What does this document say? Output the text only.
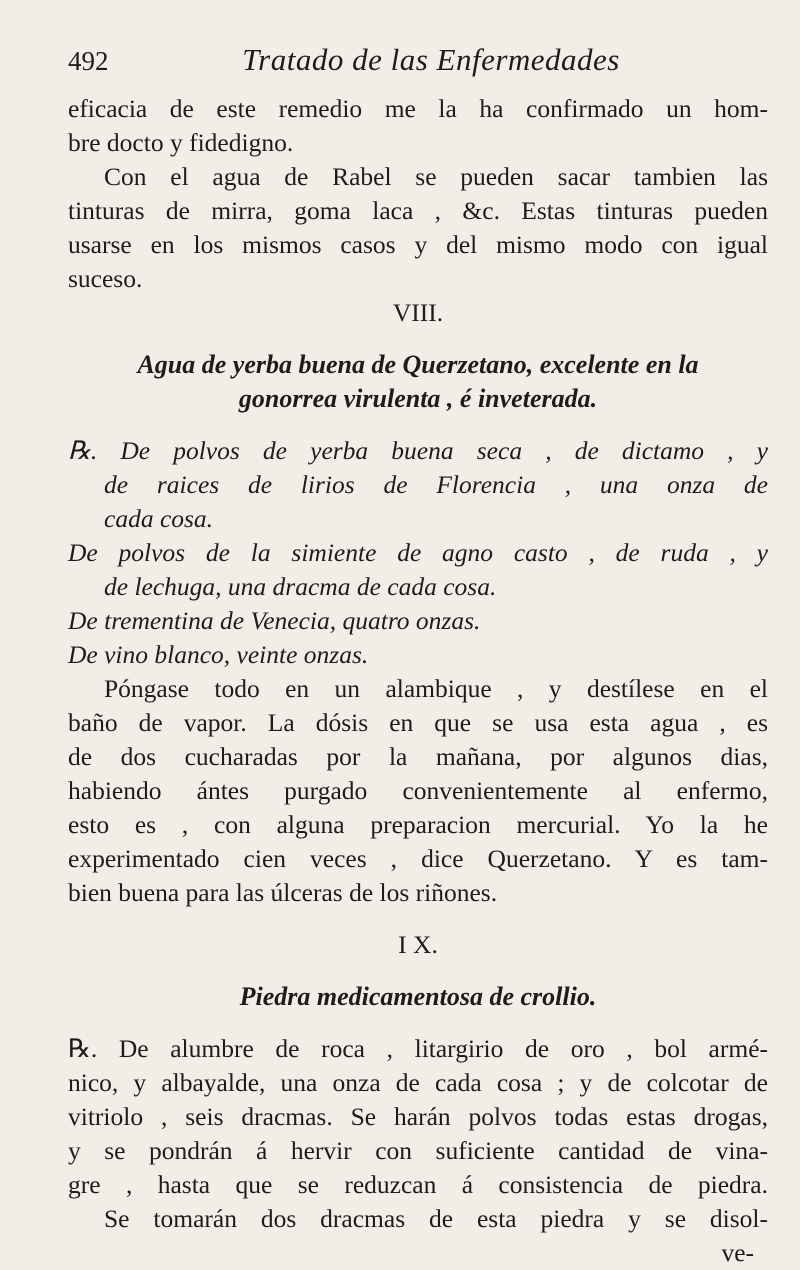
492	Tratado de las Enfermedades
eficacia de este remedio me la ha confirmado un hom-
bre docto y fidedigno.
Con el agua de Rabel se pueden sacar tambien las
tinturas de mirra, goma laca , &c. Estas tinturas pueden
usarse en los mismos casos y del mismo modo con igual
suceso.
VIII.
Agua de yerba buena de Querzetano, excelente en la
gonorrea virulenta , é inveterada.
℞. De polvos de yerba buena seca , de dictamo , y
de raices de lirios de Florencia , una onza de
cada cosa.
De polvos de la simiente de agno casto , de ruda , y
de lechuga, una dracma de cada cosa.
De trementina de Venecia, quatro onzas.
De vino blanco, veinte onzas.
Póngase todo en un alambique , y destílese en el
baño de vapor. La dósis en que se usa esta agua , es
de dos cucharadas por la mañana, por algunos dias,
habiendo ántes purgado convenientemente al enfermo,
esto es , con alguna preparacion mercurial. Yo la he
experimentado cien veces , dice Querzetano. Y es tam-
bien buena para las úlceras de los riñones.
I X.
Piedra medicamentosa de crollio.
℞. De alumbre de roca , litargirio de oro , bol armé-
nico, y albayalde, una onza de cada cosa ; y de colcotar de
vitriolo , seis dracmas. Se harán polvos todas estas drogas,
y se pondrán á hervir con suficiente cantidad de vina-
gre , hasta que se reduzcan á consistencia de piedra.
Se tomarán dos dracmas de esta piedra y se disol-
ve-
